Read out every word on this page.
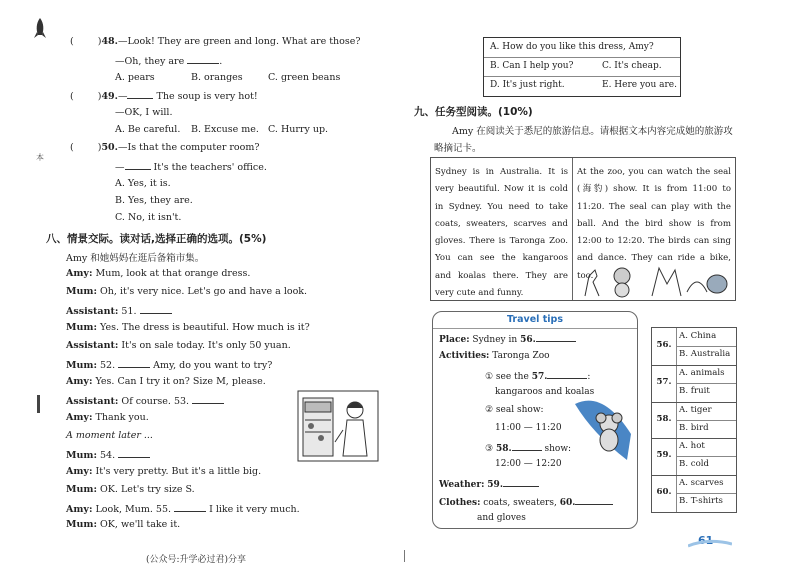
本
(	)48.—Look! They are green and long. What are those?
—Oh, they are	.
A. pears	B. oranges	C. green beans
(	)49.—	The soup is very hot!
—OK, I will.
A. Be careful. B. Excuse me. C. Hurry up.
(	)50.—Is that the computer room?
—	It's the teachers' office.
A. Yes, it is.
B. Yes, they are.
C. No, it isn't.
八、情景交际。读对话,选择正确的选项。(5%)
Amy 和她妈妈在逛后备箱市集。
Amy: Mum, look at that orange dress.
Mum: Oh, it's very nice. Let's go and have a look.
Assistant: 51.
Mum: Yes. The dress is beautiful. How much is it?
Assistant: It's on sale today. It's only 50 yuan.
Mum: 52.	Amy, do you want to try?
Amy: Yes. Can I try it on? Size M, please.
Assistant: Of course. 53.
Amy: Thank you.
A moment later ...
Mum: 54.
Amy: It's very pretty. But it's a little big.
Mum: OK. Let's try size S.
Amy: Look, Mum. 55.	I like it very much.
Mum: OK, we'll take it.
(公众号:升学必过君)分享
A. How do you like this dress, Amy?
B. Can I help you?	C. It's cheap.
D. It's just right.	E. Here you are.
九、任务型阅读。(10%)
Amy 在阅读关于悉尼的旅游信息。请根据文本内容完成她的旅游攻略摘记卡。
Sydney is in Australia. It is very beautiful. Now it is cold in Sydney. You need to take coats, sweaters, scarves and gloves. There is Taronga Zoo. You can see the kangaroos and koalas there. They are very cute and funny.
At the zoo, you can watch the seal (海豹) show. It is from 11:00 to 11:20. The seal can play with the ball. And the bird show is from 12:00 to 12:20. The birds can sing and dance. They can ride a bike, too.
Travel tips
Place: Sydney in 56.
Activities: Taronga Zoo
① see the 57.	:
kangaroos and koalas
② seal show:
11:00 — 11:20
③ 58.	show:
12:00 — 12:20
Weather: 59.
Clothes: coats, sweaters, 60.
and gloves
56.
A. China
B. Australia
57.
A. animals
B. fruit
58.
A. tiger
B. bird
59.
A. hot
B. cold
60.
A. scarves
B. T-shirts
61
